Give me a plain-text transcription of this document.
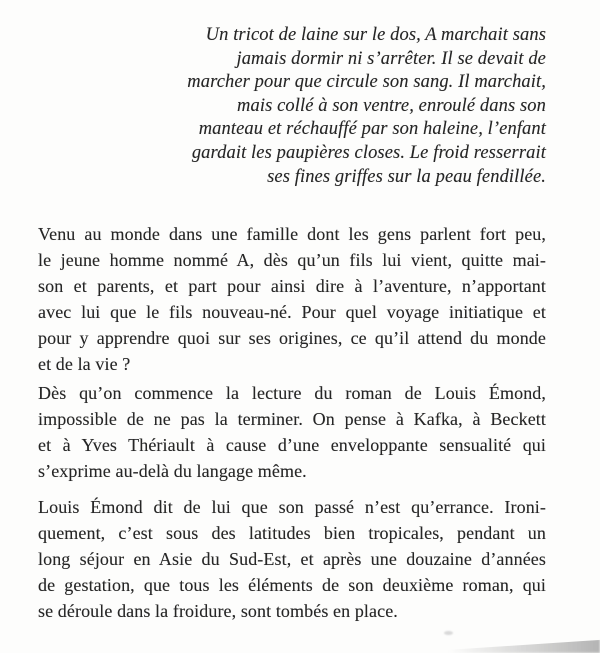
Un tricot de laine sur le dos, A marchait sans
jamais dormir ni s’arrêter. Il se devait de
marcher pour que circule son sang. Il marchait,
mais collé à son ventre, enroulé dans son
manteau et réchauffé par son haleine, l’enfant
gardait les paupières closes. Le froid resserrait
ses fines griffes sur la peau fendillée.
Venu au monde dans une famille dont les gens parlent fort peu,
le jeune homme nommé A, dès qu’un fils lui vient, quitte mai-
son et parents, et part pour ainsi dire à l’aventure, n’apportant
avec lui que le fils nouveau-né. Pour quel voyage initiatique et
pour y apprendre quoi sur ses origines, ce qu’il attend du monde
et de la vie ?
Dès qu’on commence la lecture du roman de Louis Émond,
impossible de ne pas la terminer. On pense à Kafka, à Beckett
et à Yves Thériault à cause d’une enveloppante sensualité qui
s’exprime au-delà du langage même.
Louis Émond dit de lui que son passé n’est qu’errance. Ironi-
quement, c’est sous des latitudes bien tropicales, pendant un
long séjour en Asie du Sud-Est, et après une douzaine d’années
de gestation, que tous les éléments de son deuxième roman, qui
se déroule dans la froidure, sont tombés en place.
